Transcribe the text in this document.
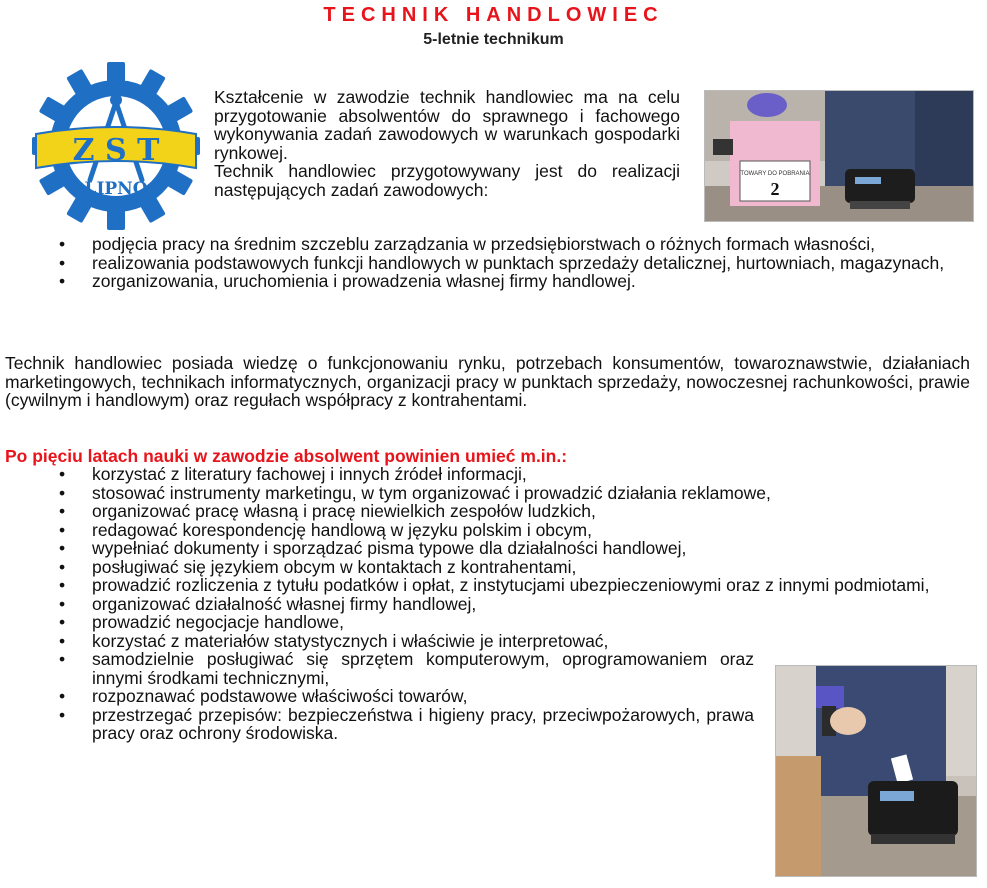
TECHNIK HANDLOWIEC
5-letnie technikum
Z S T
LIPNO
TOWARY DO POBRANIA
2

Kształcenie w zawodzie technik handlowiec ma na celu przygotowanie absolwentów do sprawnego i fachowego wykonywania zadań zawodowych w warunkach gospodarki rynkowej.

Technik handlowiec przygotowywany jest do realizacji następujących zadań zawodowych:

• podjęcia pracy na średnim szczeblu zarządzania w przedsiębiorstwach o różnych formach własności,
• realizowania podstawowych funkcji handlowych w punktach sprzedaży detalicznej, hurtowniach, magazynach,
• zorganizowania, uruchomienia i prowadzenia własnej firmy handlowej.
Technik handlowiec posiada wiedzę o funkcjonowaniu rynku, potrzebach konsumentów, towaroznawstwie, działaniach marketingowych, technikach informatycznych, organizacji pracy w punktach sprzedaży, nowoczesnej rachunkowości, prawie (cywilnym i handlowym) oraz regułach współpracy z kontrahentami.
Po pięciu latach nauki w zawodzie absolwent powinien umieć m.in.:
• korzystać z literatury fachowej i innych źródeł informacji,
• stosować instrumenty marketingu, w tym organizować i prowadzić działania reklamowe,
• organizować pracę własną i pracę niewielkich zespołów ludzkich,
• redagować korespondencję handlową w języku polskim i obcym,
• wypełniać dokumenty i sporządzać pisma typowe dla działalności handlowej,
• posługiwać się językiem obcym w kontaktach z kontrahentami,
• prowadzić rozliczenia z tytułu podatków i opłat, z instytucjami ubezpieczeniowymi oraz z innymi podmiotami,
• organizować działalność własnej firmy handlowej,
• prowadzić negocjacje handlowe,
• korzystać z materiałów statystycznych i właściwie je interpretować,
• samodzielnie posługiwać się sprzętem komputerowym, oprogramowaniem oraz innymi środkami technicznymi,
• rozpoznawać podstawowe właściwości towarów,
• przestrzegać przepisów: bezpieczeństwa i higieny pracy, przeciwpożarowych, prawa pracy oraz ochrony środowiska.
